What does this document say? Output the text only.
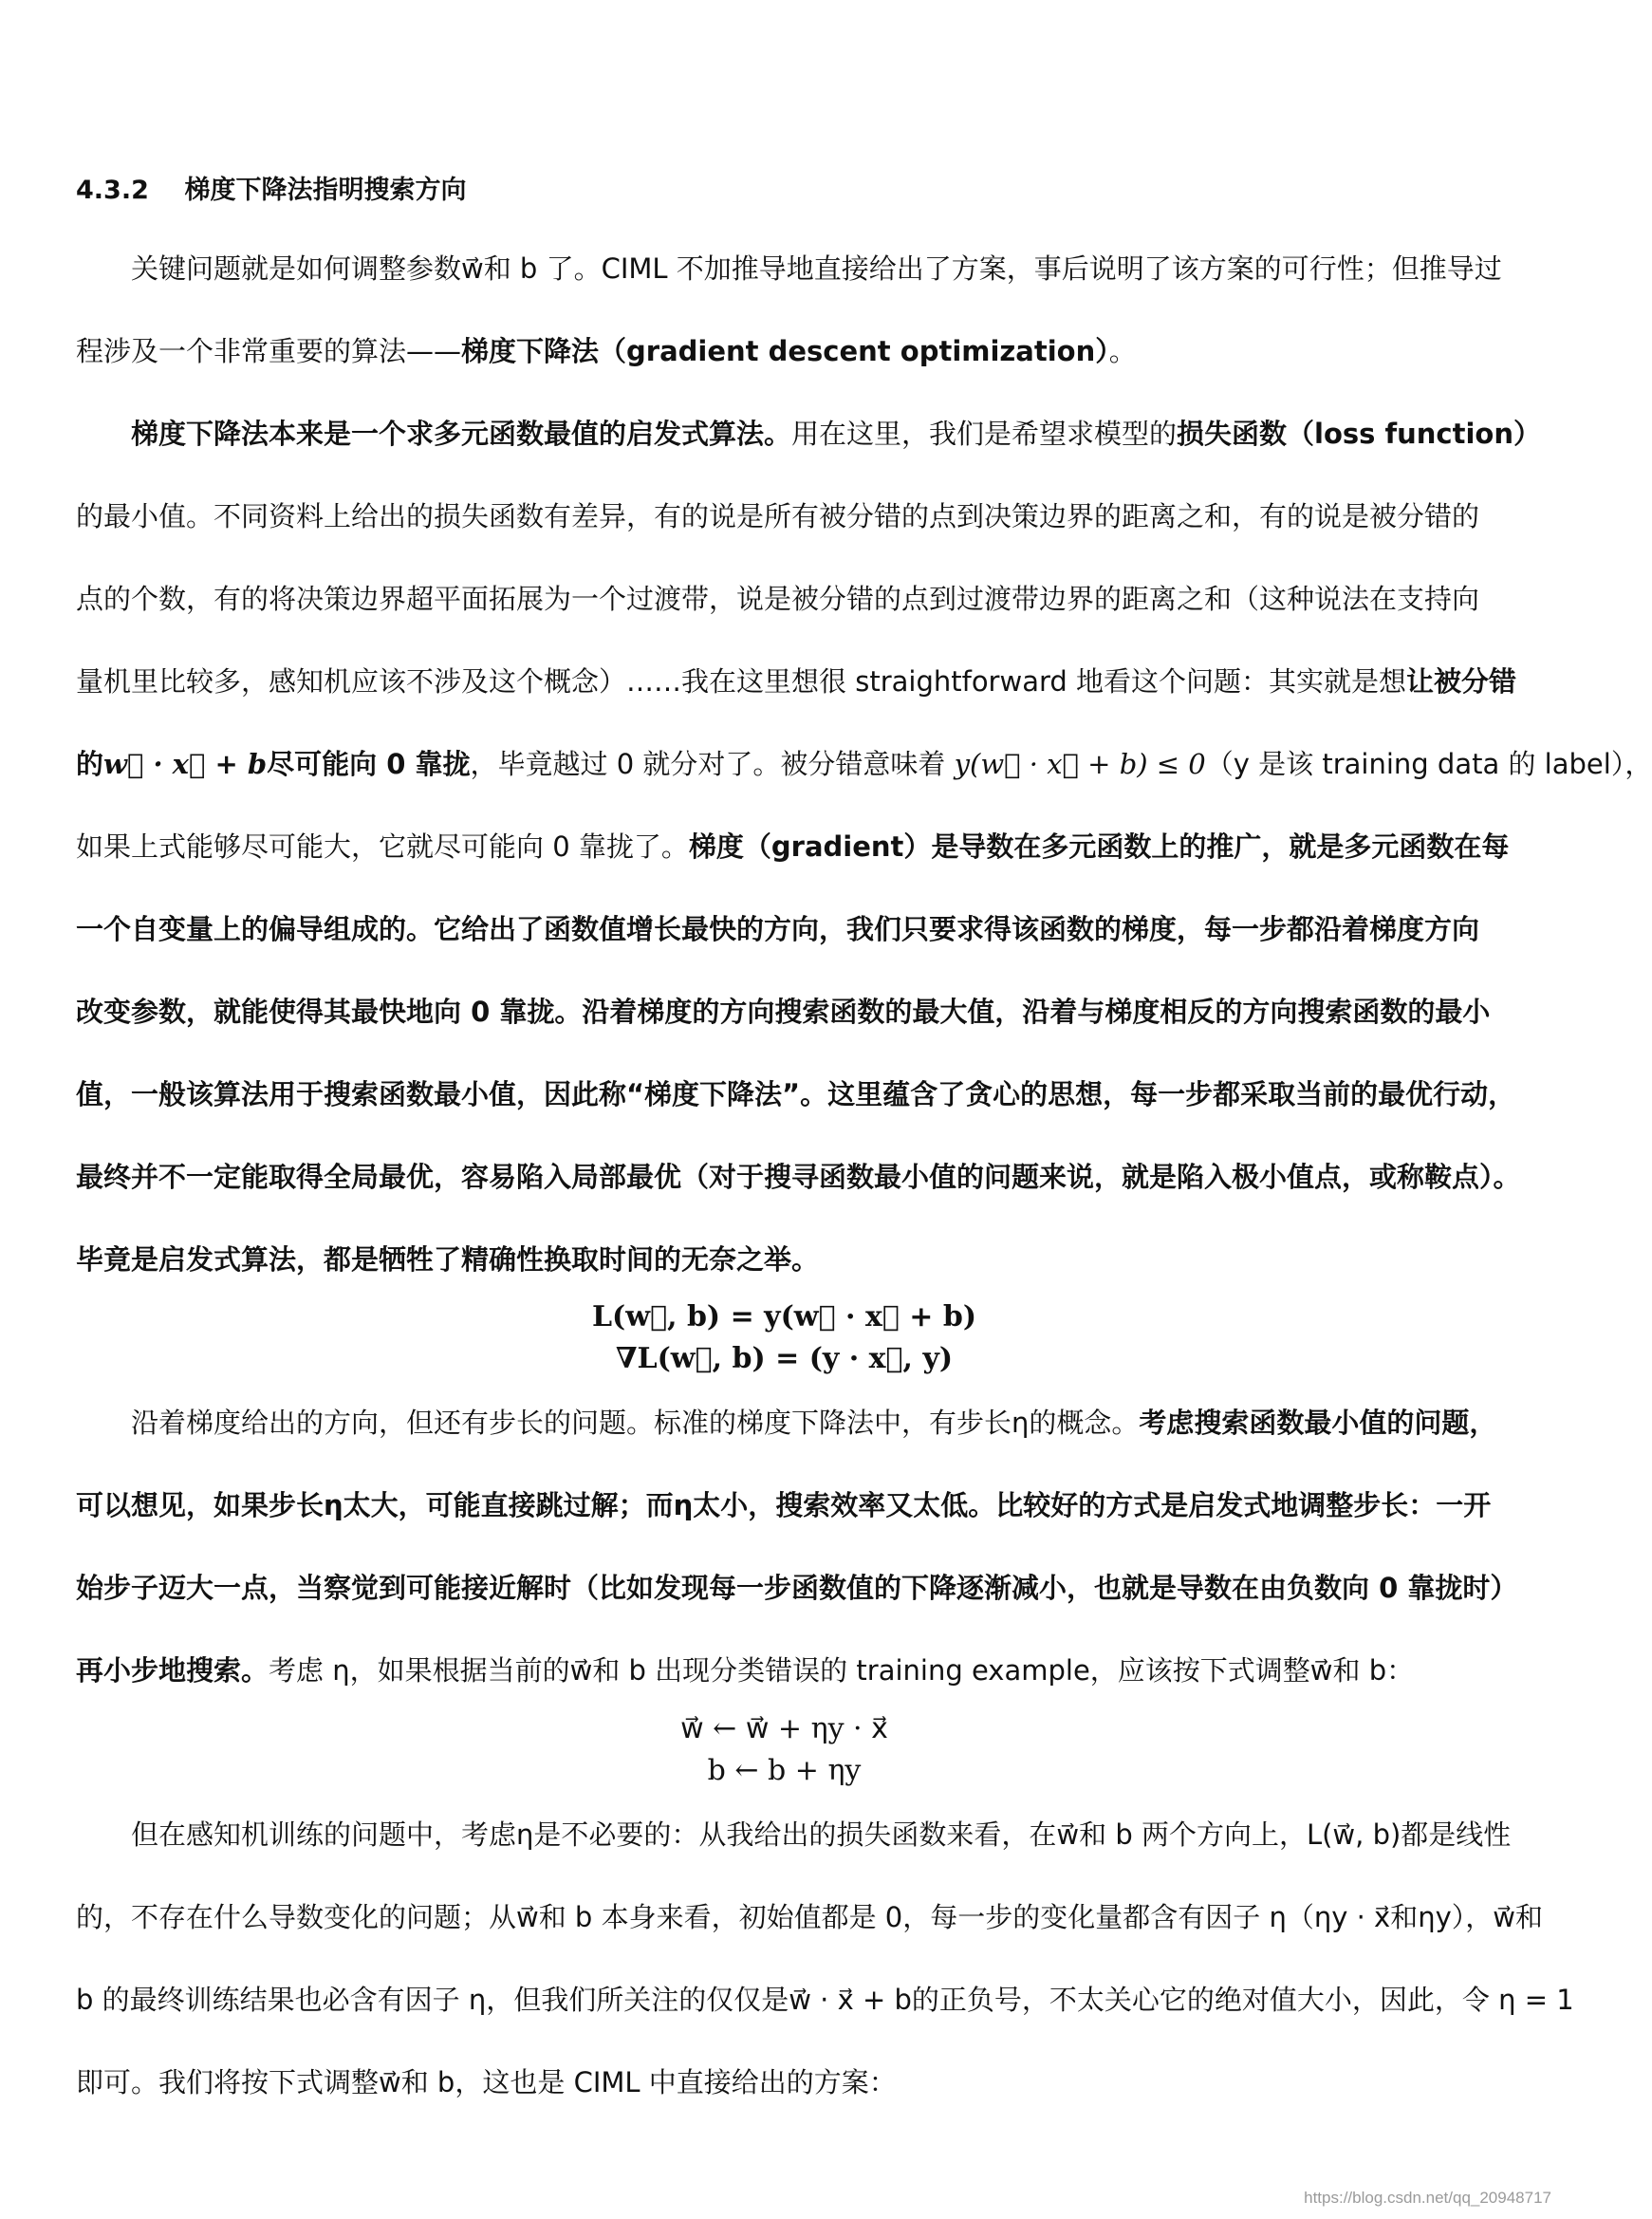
4.3.2 梯度下降法指明搜索方向
关键问题就是如何调整参数w⃗和 b 了。CIML 不加推导地直接给出了方案，事后说明了该方案的可行性；但推导过
程涉及一个非常重要的算法——梯度下降法（gradient descent optimization）。
梯度下降法本来是一个求多元函数最值的启发式算法。用在这里，我们是希望求模型的损失函数（loss function）
的最小值。不同资料上给出的损失函数有差异，有的说是所有被分错的点到决策边界的距离之和，有的说是被分错的
点的个数，有的将决策边界超平面拓展为一个过渡带，说是被分错的点到过渡带边界的距离之和（这种说法在支持向
量机里比较多，感知机应该不涉及这个概念）……我在这里想很 straightforward 地看这个问题：其实就是想让被分错
的w⃗ · x⃗ + b尽可能向 0 靠拢，毕竟越过 0 就分对了。被分错意味着 y(w⃗ · x⃗ + b) ≤ 0（y 是该 training data 的 label），
如果上式能够尽可能大，它就尽可能向 0 靠拢了。梯度（gradient）是导数在多元函数上的推广，就是多元函数在每
一个自变量上的偏导组成的。它给出了函数值增长最快的方向，我们只要求得该函数的梯度，每一步都沿着梯度方向
改变参数，就能使得其最快地向 0 靠拢。沿着梯度的方向搜索函数的最大值，沿着与梯度相反的方向搜索函数的最小
值，一般该算法用于搜索函数最小值，因此称“梯度下降法”。这里蕴含了贪心的思想，每一步都采取当前的最优行动，
最终并不一定能取得全局最优，容易陷入局部最优（对于搜寻函数最小值的问题来说，就是陷入极小值点，或称鞍点）。
毕竟是启发式算法，都是牺牲了精确性换取时间的无奈之举。
L(w⃗, b) = y(w⃗ · x⃗ + b)
∇L(w⃗, b) = (y · x⃗, y)
沿着梯度给出的方向，但还有步长的问题。标准的梯度下降法中，有步长η的概念。考虑搜索函数最小值的问题，
可以想见，如果步长η太大，可能直接跳过解；而η太小，搜索效率又太低。比较好的方式是启发式地调整步长：一开
始步子迈大一点，当察觉到可能接近解时（比如发现每一步函数值的下降逐渐减小，也就是导数在由负数向 0 靠拢时）
再小步地搜索。考虑 η，如果根据当前的w⃗和 b 出现分类错误的 training example，应该按下式调整w⃗和 b：
w⃗ ← w⃗ + ηy · x⃗
b ← b + ηy
但在感知机训练的问题中，考虑η是不必要的：从我给出的损失函数来看，在w⃗和 b 两个方向上，L(w⃗, b)都是线性
的，不存在什么导数变化的问题；从w⃗和 b 本身来看，初始值都是 0，每一步的变化量都含有因子 η（ηy · x⃗和ηy），w⃗和
b 的最终训练结果也必含有因子 η，但我们所关注的仅仅是w⃗ · x⃗ + b的正负号，不太关心它的绝对值大小，因此，令 η = 1
即可。我们将按下式调整w⃗和 b，这也是 CIML 中直接给出的方案：
https://blog.csdn.net/qq_20948717
